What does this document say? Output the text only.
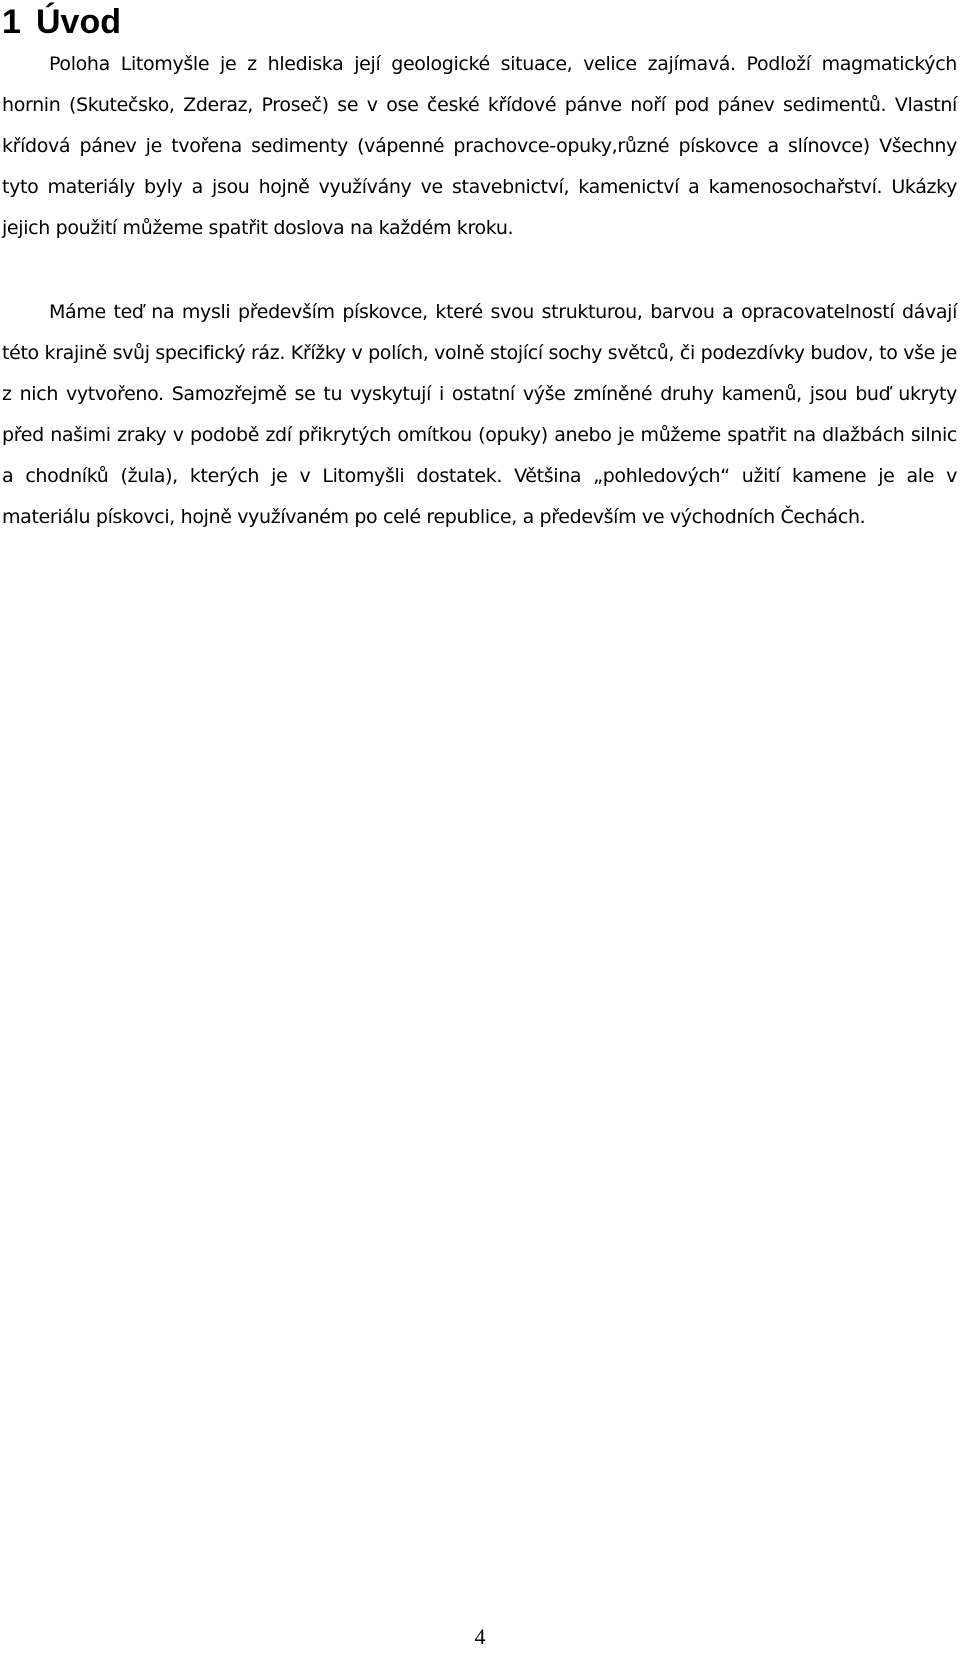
1 Úvod

Poloha Litomyšle je z hlediska její geologické situace, velice zajímavá. Podloží magmatických hornin (Skutečsko, Zderaz, Proseč) se v ose české křídové pánve noří pod pánev sedimentů. Vlastní křídová pánev je tvořena sedimenty (vápenné prachovce-opuky,různé pískovce a slínovce) Všechny tyto materiály byly a jsou hojně využívány ve stavebnictví, kamenictví a kamenosochařství. Ukázky jejich použití můžeme spatřit doslova na každém kroku.

Máme teď na mysli především pískovce, které svou strukturou, barvou a opracovatelností dávají této krajině svůj specifický ráz. Křížky v polích, volně stojící sochy světců, či podezdívky budov, to vše je z nich vytvořeno. Samozřejmě se tu vyskytují i ostatní výše zmíněné druhy kamenů, jsou buď ukryty před našimi zraky v podobě zdí přikrytých omítkou (opuky) anebo je můžeme spatřit na dlažbách silnic a chodníků (žula), kterých je v Litomyšli dostatek. Většina „pohledových“ užití kamene je ale v materiálu pískovci, hojně využívaném po celé republice, a především ve východních Čechách.

4
